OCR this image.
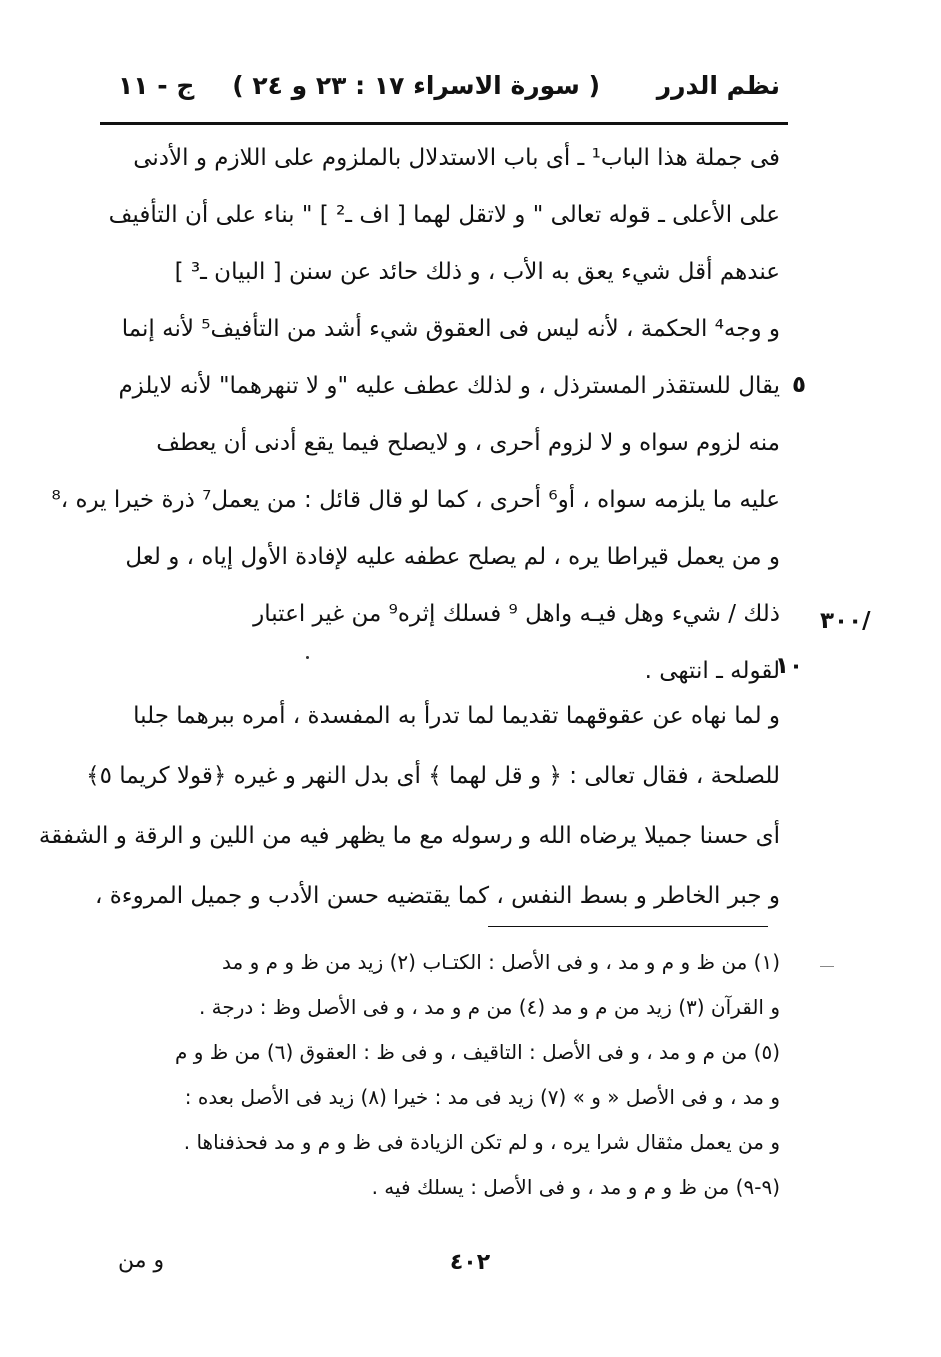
نظم الدرر
( سورة الاسراء ١٧ : ٢٣ و ٢٤ )
ج - ١١
٥
٣٠٠/
١٠
فى جملة هذا الباب¹ ـ أى باب الاستدلال بالملزوم على اللازم و الأدنى
على الأعلى ـ قوله تعالى " و لاتقل لهما [ اف ـ² ] " بناء على أن التأفيف
عندهم أقل شيء يعق به الأب ، و ذلك حائد عن سنن [ البيان ـ³ ]
و وجه⁴ الحكمة ، لأنه ليس فى العقوق شيء أشد من التأفيف⁵ لأنه إنما
يقال للستقذر المسترذل ، و لذلك عطف عليه "و لا تنهرهما" لأنه لايلزم
منه لزوم سواه و لا لزوم أحرى ، و لايصلح فيما يقع أدنى أن يعطف
عليه ما يلزمه سواه ، أو⁶ أحرى ، كما لو قال قائل : من يعمل⁷ ذرة خيرا يره ،⁸
و من يعمل قيراطا يره ، لم يصلح عطفه عليه لإفادة الأول إياه ، و لعل
ذلك / شيء وهل فيـه واهل ⁹ فسلك إثره⁹ من غير اعتبار
لقوله ـ انتهى .
و لما نهاه عن عقوقهما تقديما لما تدرأ به المفسدة ، أمره ببرهما جلبا
للصلحة ، فقال تعالى : ﴿ و قل لهما ﴾ أى بدل النهر و غيره ﴿قولا كريما ٥﴾
أى حسنا جميلا يرضاه الله و رسوله مع ما يظهر فيه من اللين و الرقة و الشفقة
و جبر الخاطر و بسط النفس ، كما يقتضيه حسن الأدب و جميل المروءة ،
(١) من ظ و م و مد ، و فى الأصل : الكتـاب (٢) زيد من ظ و م و مد
و القرآن (٣) زيد من م و مد (٤) من م و مد ، و فى الأصل وظ : درجة .
(٥) من م و مد ، و فى الأصل : التاقيف ، و فى ظ : العقوق (٦) من ظ و م
و مد ، و فى الأصل « و » (٧) زيد فى مد : خيرا (٨) زيد فى الأصل بعده :
و من يعمل مثقال شرا يره ، و لم تكن الزيادة فى ظ و م و مد فحذفناها .
(٩-٩) من ظ و م و مد ، و فى الأصل : يسلك فيه .
٤٠٢
و من
